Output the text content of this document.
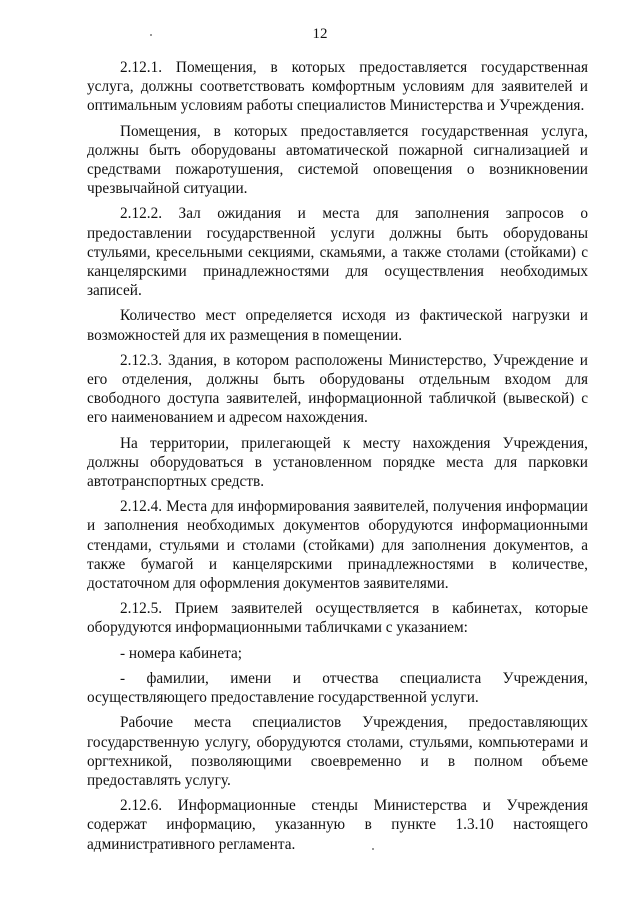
12

2.12.1. Помещения, в которых предоставляется государственная услуга, должны соответствовать комфортным условиям для заявителей и оптимальным условиям работы специалистов Министерства и Учреждения.

Помещения, в которых предоставляется государственная услуга, должны быть оборудованы автоматической пожарной сигнализацией и средствами пожаротушения, системой оповещения о возникновении чрезвычайной ситуации.

2.12.2. Зал ожидания и места для заполнения запросов о предоставлении государственной услуги должны быть оборудованы стульями, кресельными секциями, скамьями, а также столами (стойками) с канцелярскими принадлежностями для осуществления необходимых записей.

Количество мест определяется исходя из фактической нагрузки и возможностей для их размещения в помещении.

2.12.3. Здания, в котором расположены Министерство, Учреждение и его отделения, должны быть оборудованы отдельным входом для свободного доступа заявителей, информационной табличкой (вывеской) с его наименованием и адресом нахождения.

На территории, прилегающей к месту нахождения Учреждения, должны оборудоваться в установленном порядке места для парковки автотранспортных средств.

2.12.4. Места для информирования заявителей, получения информации и заполнения необходимых документов оборудуются информационными стендами, стульями и столами (стойками) для заполнения документов, а также бумагой и канцелярскими принадлежностями в количестве, достаточном для оформления документов заявителями.

2.12.5. Прием заявителей осуществляется в кабинетах, которые оборудуются информационными табличками с указанием:

- номера кабинета;

- фамилии, имени и отчества специалиста Учреждения, осуществляющего предоставление государственной услуги.

Рабочие места специалистов Учреждения, предоставляющих государственную услугу, оборудуются столами, стульями, компьютерами и оргтехникой, позволяющими своевременно и в полном объеме предоставлять услугу.

2.12.6. Информационные стенды Министерства и Учреждения содержат информацию, указанную в пункте 1.3.10 настоящего административного регламента.
